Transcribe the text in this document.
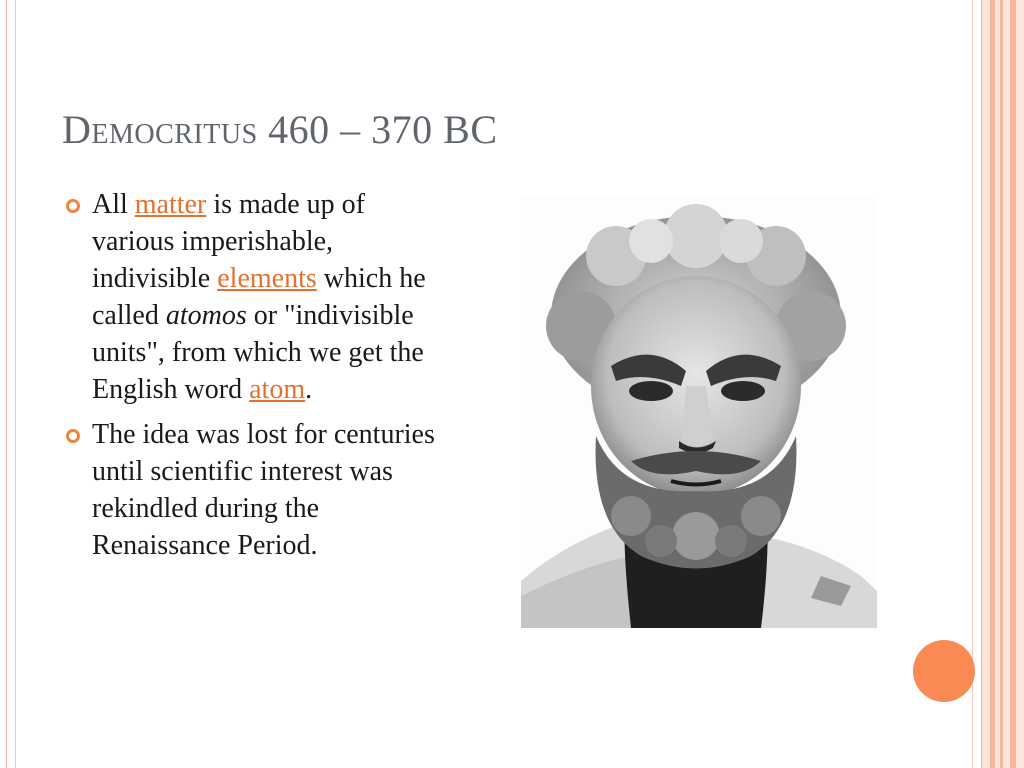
Democritus 460 – 370 BC
All matter is made up of various imperishable, indivisible elements which he called atomos or "indivisible units", from which we get the English word atom.
The idea was lost for centuries until scientific interest was rekindled during the Renaissance Period.
